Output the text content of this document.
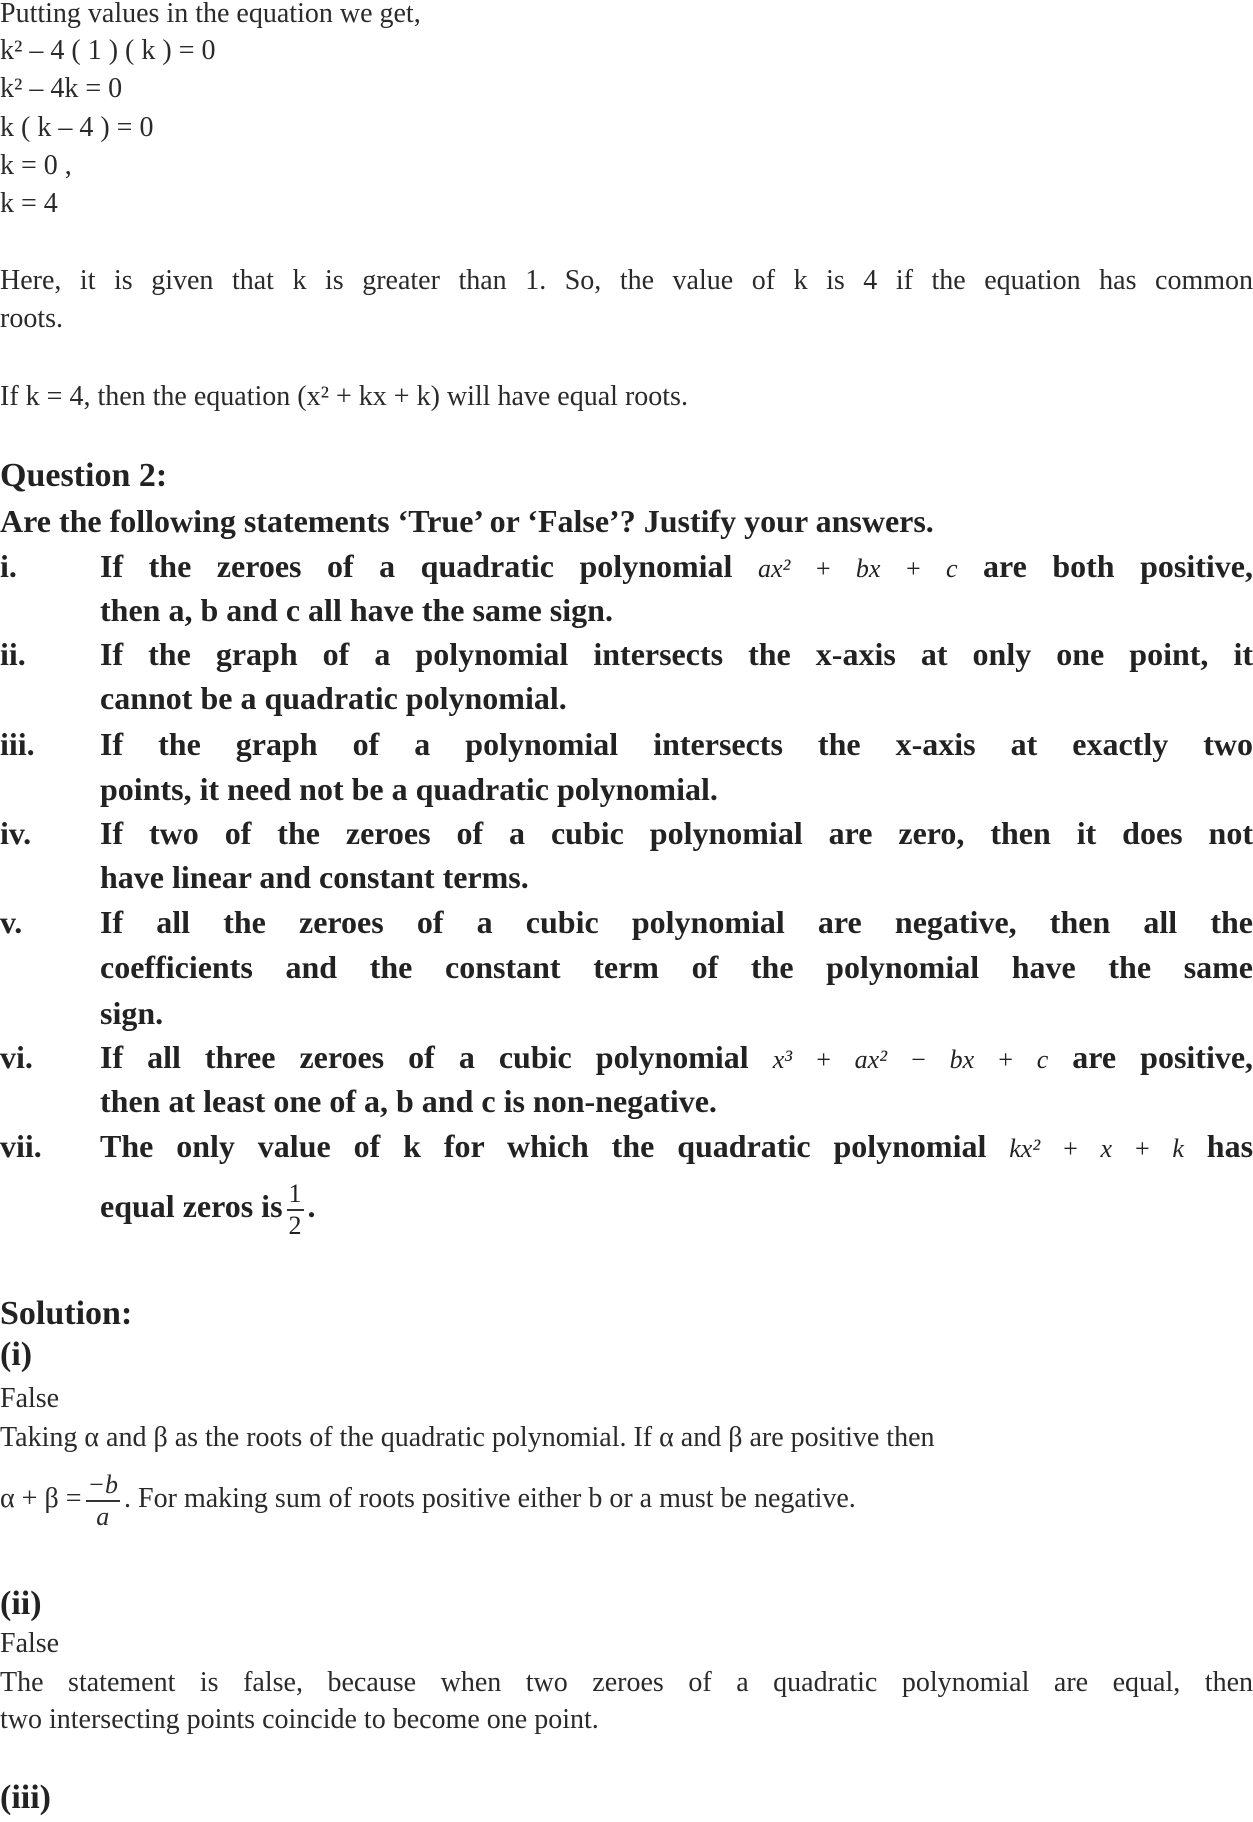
Putting values in the equation we get,
k² – 4 ( 1 ) ( k ) = 0
k² – 4k = 0
k ( k – 4 ) = 0
k = 0 ,
k = 4
Here, it is given that k is greater than 1. So, the value of k is 4 if the equation has common
roots.
If k = 4, then the equation (x² + kx + k) will have equal roots.
Question 2:
Are the following statements ‘True’ or ‘False’? Justify your answers.
i.	If the zeroes of a quadratic polynomial ax² + bx + c are both positive,
then a, b and c all have the same sign.
ii. If the graph of a polynomial intersects the x-axis at only one point, it
cannot be a quadratic polynomial.
iii. If the graph of a polynomial intersects the x-axis at exactly two
points, it need not be a quadratic polynomial.
iv. If two of the zeroes of a cubic polynomial are zero, then it does not
have linear and constant terms.
v. If all the zeroes of a cubic polynomial are negative, then all the
coefficients and the constant term of the polynomial have the same
sign.
vi. If all three zeroes of a cubic polynomial x³ + ax² − bx + c are positive,
then at least one of a, b and c is non-negative.
vii. The only value of k for which the quadratic polynomial kx² + x + k has
equal zeros is $\frac{1}{2}$ .
Solution:
(i)
False
Taking α and β as the roots of the quadratic polynomial. If α and β are positive then
$\alpha + \beta = \frac{-b}{a}$ . For making sum of roots positive either b or a must be negative.
(ii)
False
The statement is false, because when two zeroes of a quadratic polynomial are equal, then
two intersecting points coincide to become one point.
(iii)
